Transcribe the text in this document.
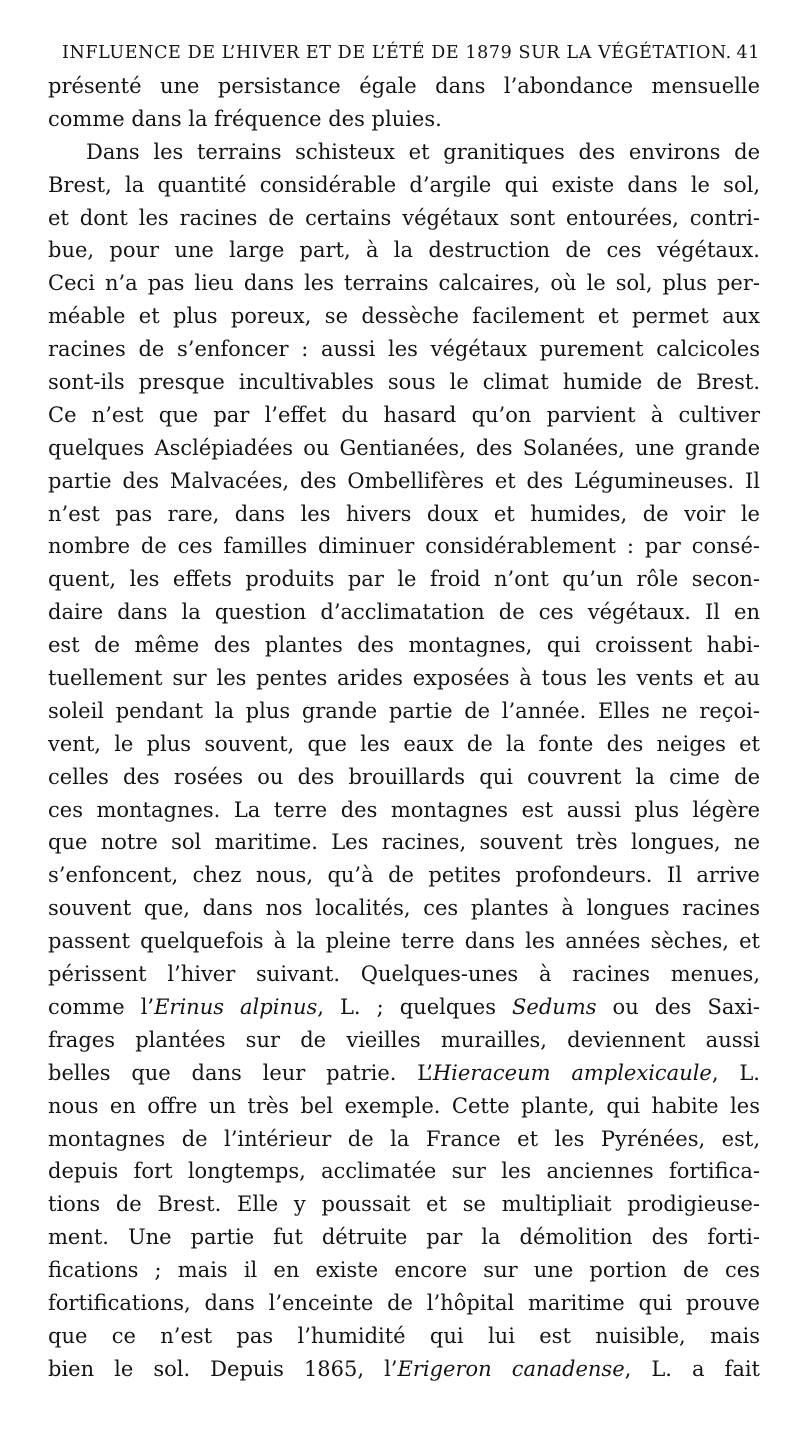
INFLUENCE DE L’HIVER ET DE L’ÉTÉ DE 1879 SUR LA VÉGÉTATION. 41
présenté une persistance égale dans l’abondance mensuelle
comme dans la fréquence des pluies.
Dans les terrains schisteux et granitiques des environs de
Brest, la quantité considérable d’argile qui existe dans le sol,
et dont les racines de certains végétaux sont entourées, contri-
bue, pour une large part, à la destruction de ces végétaux.
Ceci n’a pas lieu dans les terrains calcaires, où le sol, plus per-
méable et plus poreux, se dessèche facilement et permet aux
racines de s’enfoncer : aussi les végétaux purement calcicoles
sont-ils presque incultivables sous le climat humide de Brest.
Ce n’est que par l’effet du hasard qu’on parvient à cultiver
quelques Asclépiadées ou Gentianées, des Solanées, une grande
partie des Malvacées, des Ombellifères et des Légumineuses. Il
n’est pas rare, dans les hivers doux et humides, de voir le
nombre de ces familles diminuer considérablement : par consé-
quent, les effets produits par le froid n’ont qu’un rôle secon-
daire dans la question d’acclimatation de ces végétaux. Il en
est de même des plantes des montagnes, qui croissent habi-
tuellement sur les pentes arides exposées à tous les vents et au
soleil pendant la plus grande partie de l’année. Elles ne reçoi-
vent, le plus souvent, que les eaux de la fonte des neiges et
celles des rosées ou des brouillards qui couvrent la cime de
ces montagnes. La terre des montagnes est aussi plus légère
que notre sol maritime. Les racines, souvent très longues, ne
s’enfoncent, chez nous, qu’à de petites profondeurs. Il arrive
souvent que, dans nos localités, ces plantes à longues racines
passent quelquefois à la pleine terre dans les années sèches, et
périssent l’hiver suivant. Quelques-unes à racines menues,
comme l’Erinus alpinus, L. ; quelques Sedums ou des Saxi-
frages plantées sur de vieilles murailles, deviennent aussi
belles que dans leur patrie. L’Hieraceum amplexicaule, L.
nous en offre un très bel exemple. Cette plante, qui habite les
montagnes de l’intérieur de la France et les Pyrénées, est,
depuis fort longtemps, acclimatée sur les anciennes fortifica-
tions de Brest. Elle y poussait et se multipliait prodigieuse-
ment. Une partie fut détruite par la démolition des forti-
fications ; mais il en existe encore sur une portion de ces
fortifications, dans l’enceinte de l’hôpital maritime qui prouve
que ce n’est pas l’humidité qui lui est nuisible, mais
bien le sol. Depuis 1865, l’Erigeron canadense, L. a fait
